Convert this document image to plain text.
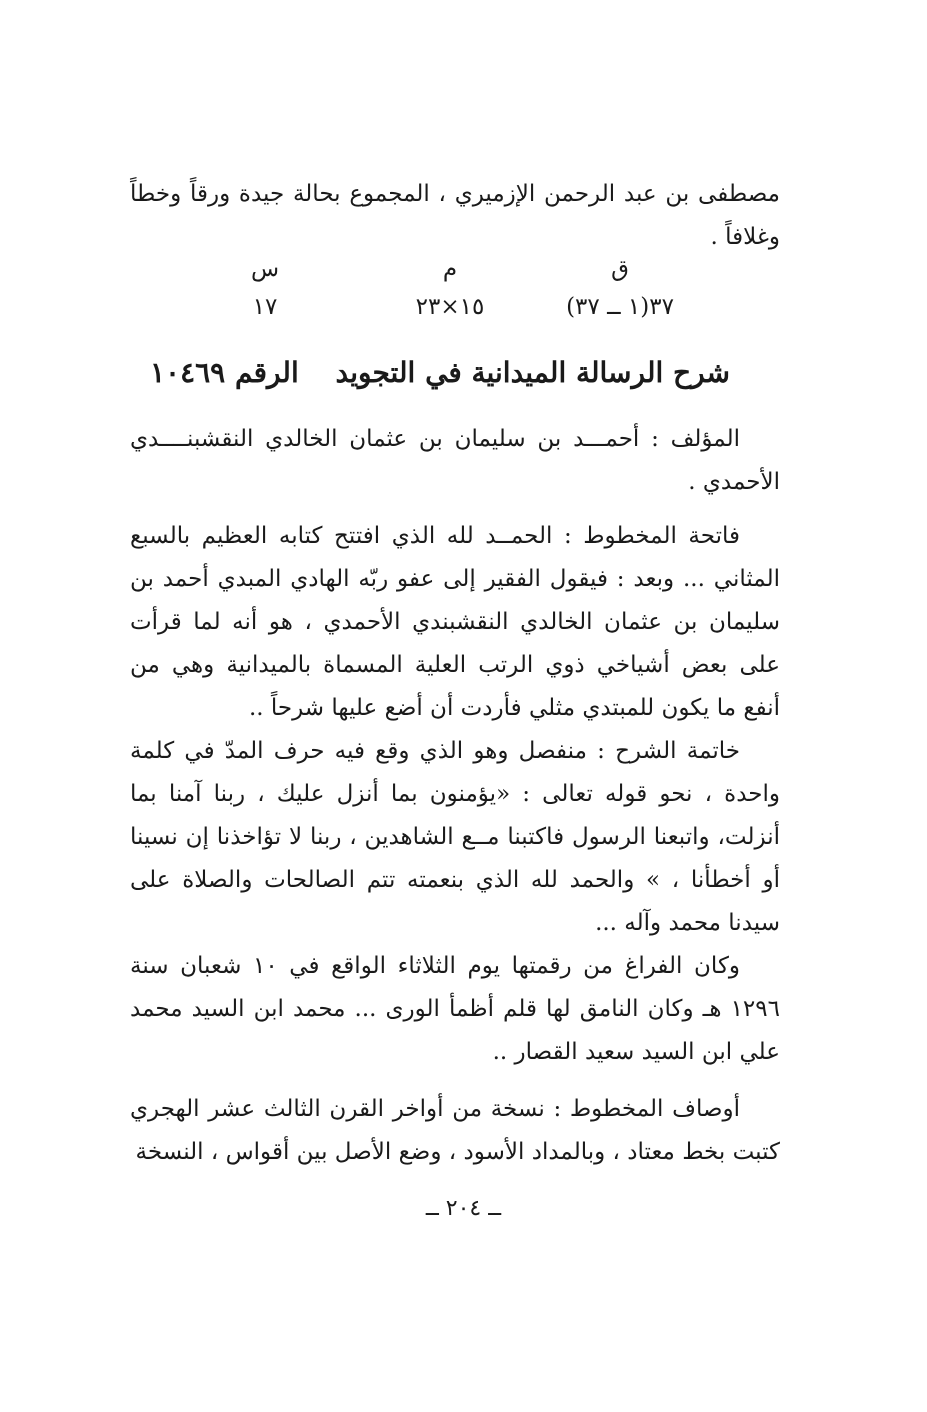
مصطفى بن عبد الرحمن الإزميري ، المجموع بحالة جيدة ورقاً وخطاً وغلافاً .

ق
٣٧(١ ــ ٣٧)
م
١٥×٢٣
س
١٧
شرح الرسالة الميدانية في التجويد
الرقم ١٠٤٦٩

المؤلف : أحمـــد بن سليمان بن عثمان الخالدي النقشبنــــدي الأحمدي .

فاتحة المخطوط : الحمــد لله الذي افتتح كتابه العظيم بالسبع المثاني ... وبعد : فيقول الفقير إلى عفو ربّه الهادي المبدي أحمد بن سليمان بن عثمان الخالدي النقشبندي الأحمدي ، هو أنه لما قرأت على بعض أشياخي ذوي الرتب العلية المسماة بالميدانية وهي من أنفع ما يكون للمبتدي مثلي فأردت أن أضع عليها شرحاً ..

خاتمة الشرح : منفصل وهو الذي وقع فيه حرف المدّ في كلمة واحدة ، نحو قوله تعالى : «يؤمنون بما أنزل عليك ، ربنا آمنا بما أنزلت، واتبعنا الرسول فاكتبنا مــع الشاهدين ، ربنا لا تؤاخذنا إن نسينا أو أخطأنا ، » والحمد لله الذي بنعمته تتم الصالحات والصلاة على سيدنا محمد وآله ...

وكان الفراغ من رقمتها يوم الثلاثاء الواقع في ١٠ شعبان سنة ١٢٩٦ هـ وكان النامق لها قلم أظمأ الورى ... محمد ابن السيد محمد علي ابن السيد سعيد القصار ..

أوصاف المخطوط : نسخة من أواخر القرن الثالث عشر الهجري كتبت بخط معتاد ، وبالمداد الأسود ، وضع الأصل بين أقواس ، النسخة

ــ ٢٠٤ ــ
